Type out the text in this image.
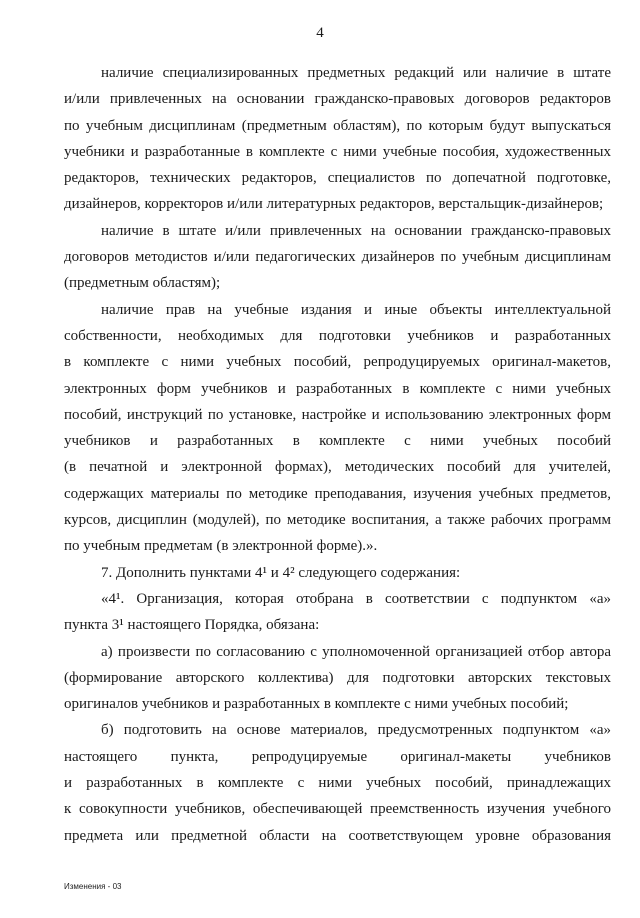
4

наличие специализированных предметных редакций или наличие в штате

и/или привлеченных на основании гражданско-правовых договоров редакторов

по учебным дисциплинам (предметным областям), по которым будут выпускаться

учебники и разработанные в комплекте с ними учебные пособия, художественных

редакторов, технических редакторов, специалистов по допечатной подготовке,

дизайнеров, корректоров и/или литературных редакторов, верстальщик-дизайнеров;

наличие в штате и/или привлеченных на основании гражданско-правовых

договоров методистов и/или педагогических дизайнеров по учебным дисциплинам

(предметным областям);

наличие прав на учебные издания и иные объекты интеллектуальной

собственности, необходимых для подготовки учебников и разработанных

в комплекте с ними учебных пособий, репродуцируемых оригинал-макетов,

электронных форм учебников и разработанных в комплекте с ними учебных

пособий, инструкций по установке, настройке и использованию электронных форм

учебников и разработанных в комплекте с ними учебных пособий

(в печатной и электронной формах), методических пособий для учителей,

содержащих материалы по методике преподавания, изучения учебных предметов,

курсов, дисциплин (модулей), по методике воспитания, а также рабочих программ

по учебным предметам (в электронной форме).».

7. Дополнить пунктами 4¹ и 4² следующего содержания:

«4¹. Организация, которая отобрана в соответствии с подпунктом «а»

пункта 3¹ настоящего Порядка, обязана:

а) произвести по согласованию с уполномоченной организацией отбор автора

(формирование авторского коллектива) для подготовки авторских текстовых

оригиналов учебников и разработанных в комплекте с ними учебных пособий;

б) подготовить на основе материалов, предусмотренных подпунктом «а»

настоящего пункта, репродуцируемые оригинал-макеты учебников

и разработанных в комплекте с ними учебных пособий, принадлежащих

к совокупности учебников, обеспечивающей преемственность изучения учебного

предмета или предметной области на соответствующем уровне образования

Изменения - 03
